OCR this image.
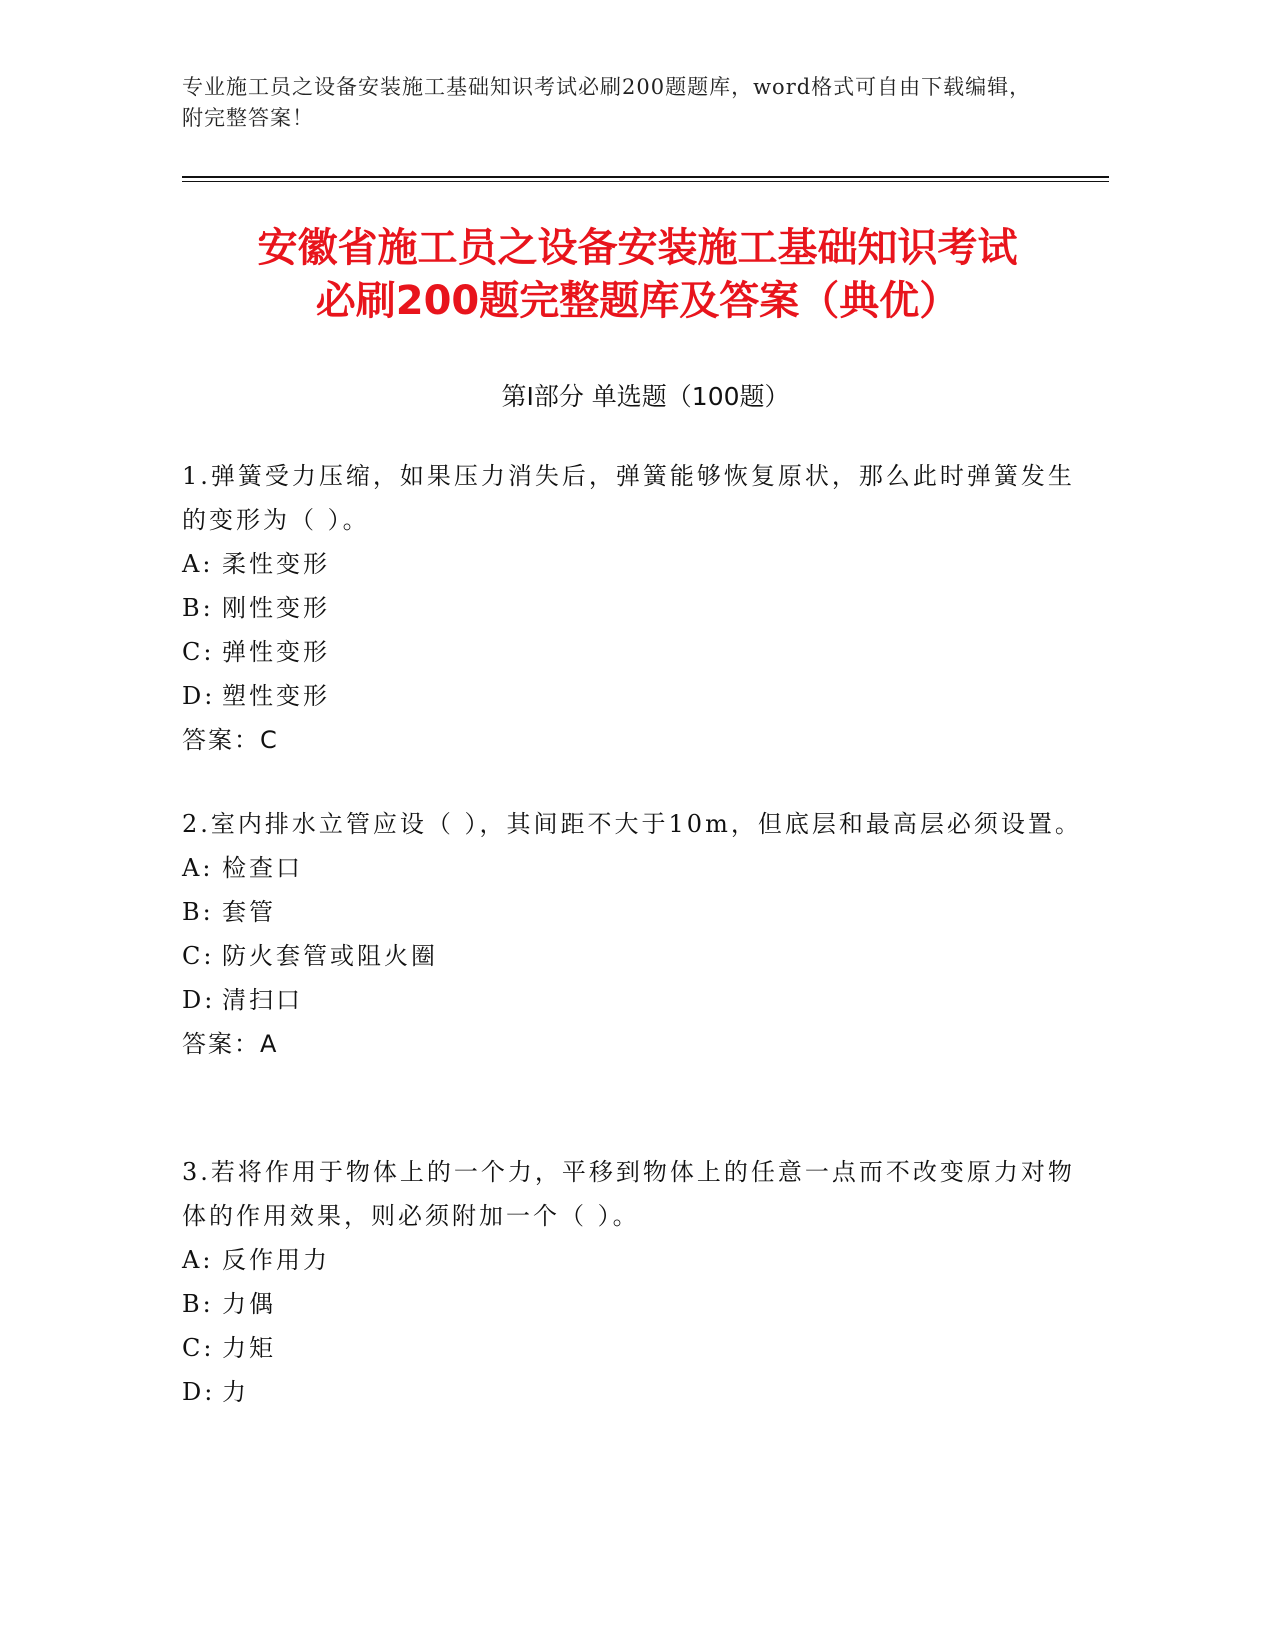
专业施工员之设备安装施工基础知识考试必刷200题题库，word格式可自由下载编辑，附完整答案！
安徽省施工员之设备安装施工基础知识考试
必刷200题完整题库及答案（典优）
第Ⅰ部分 单选题（100题）
1.弹簧受力压缩，如果压力消失后，弹簧能够恢复原状，那么此时弹簧发生的变形为（ ）。
A: 柔性变形
B: 刚性变形
C: 弹性变形
D: 塑性变形
答案：C
2.室内排水立管应设（ ），其间距不大于10m，但底层和最高层必须设置。
A: 检查口
B: 套管
C: 防火套管或阻火圈
D: 清扫口
答案：A
3.若将作用于物体上的一个力，平移到物体上的任意一点而不改变原力对物体的作用效果，则必须附加一个（ ）。
A: 反作用力
B: 力偶
C: 力矩
D: 力
